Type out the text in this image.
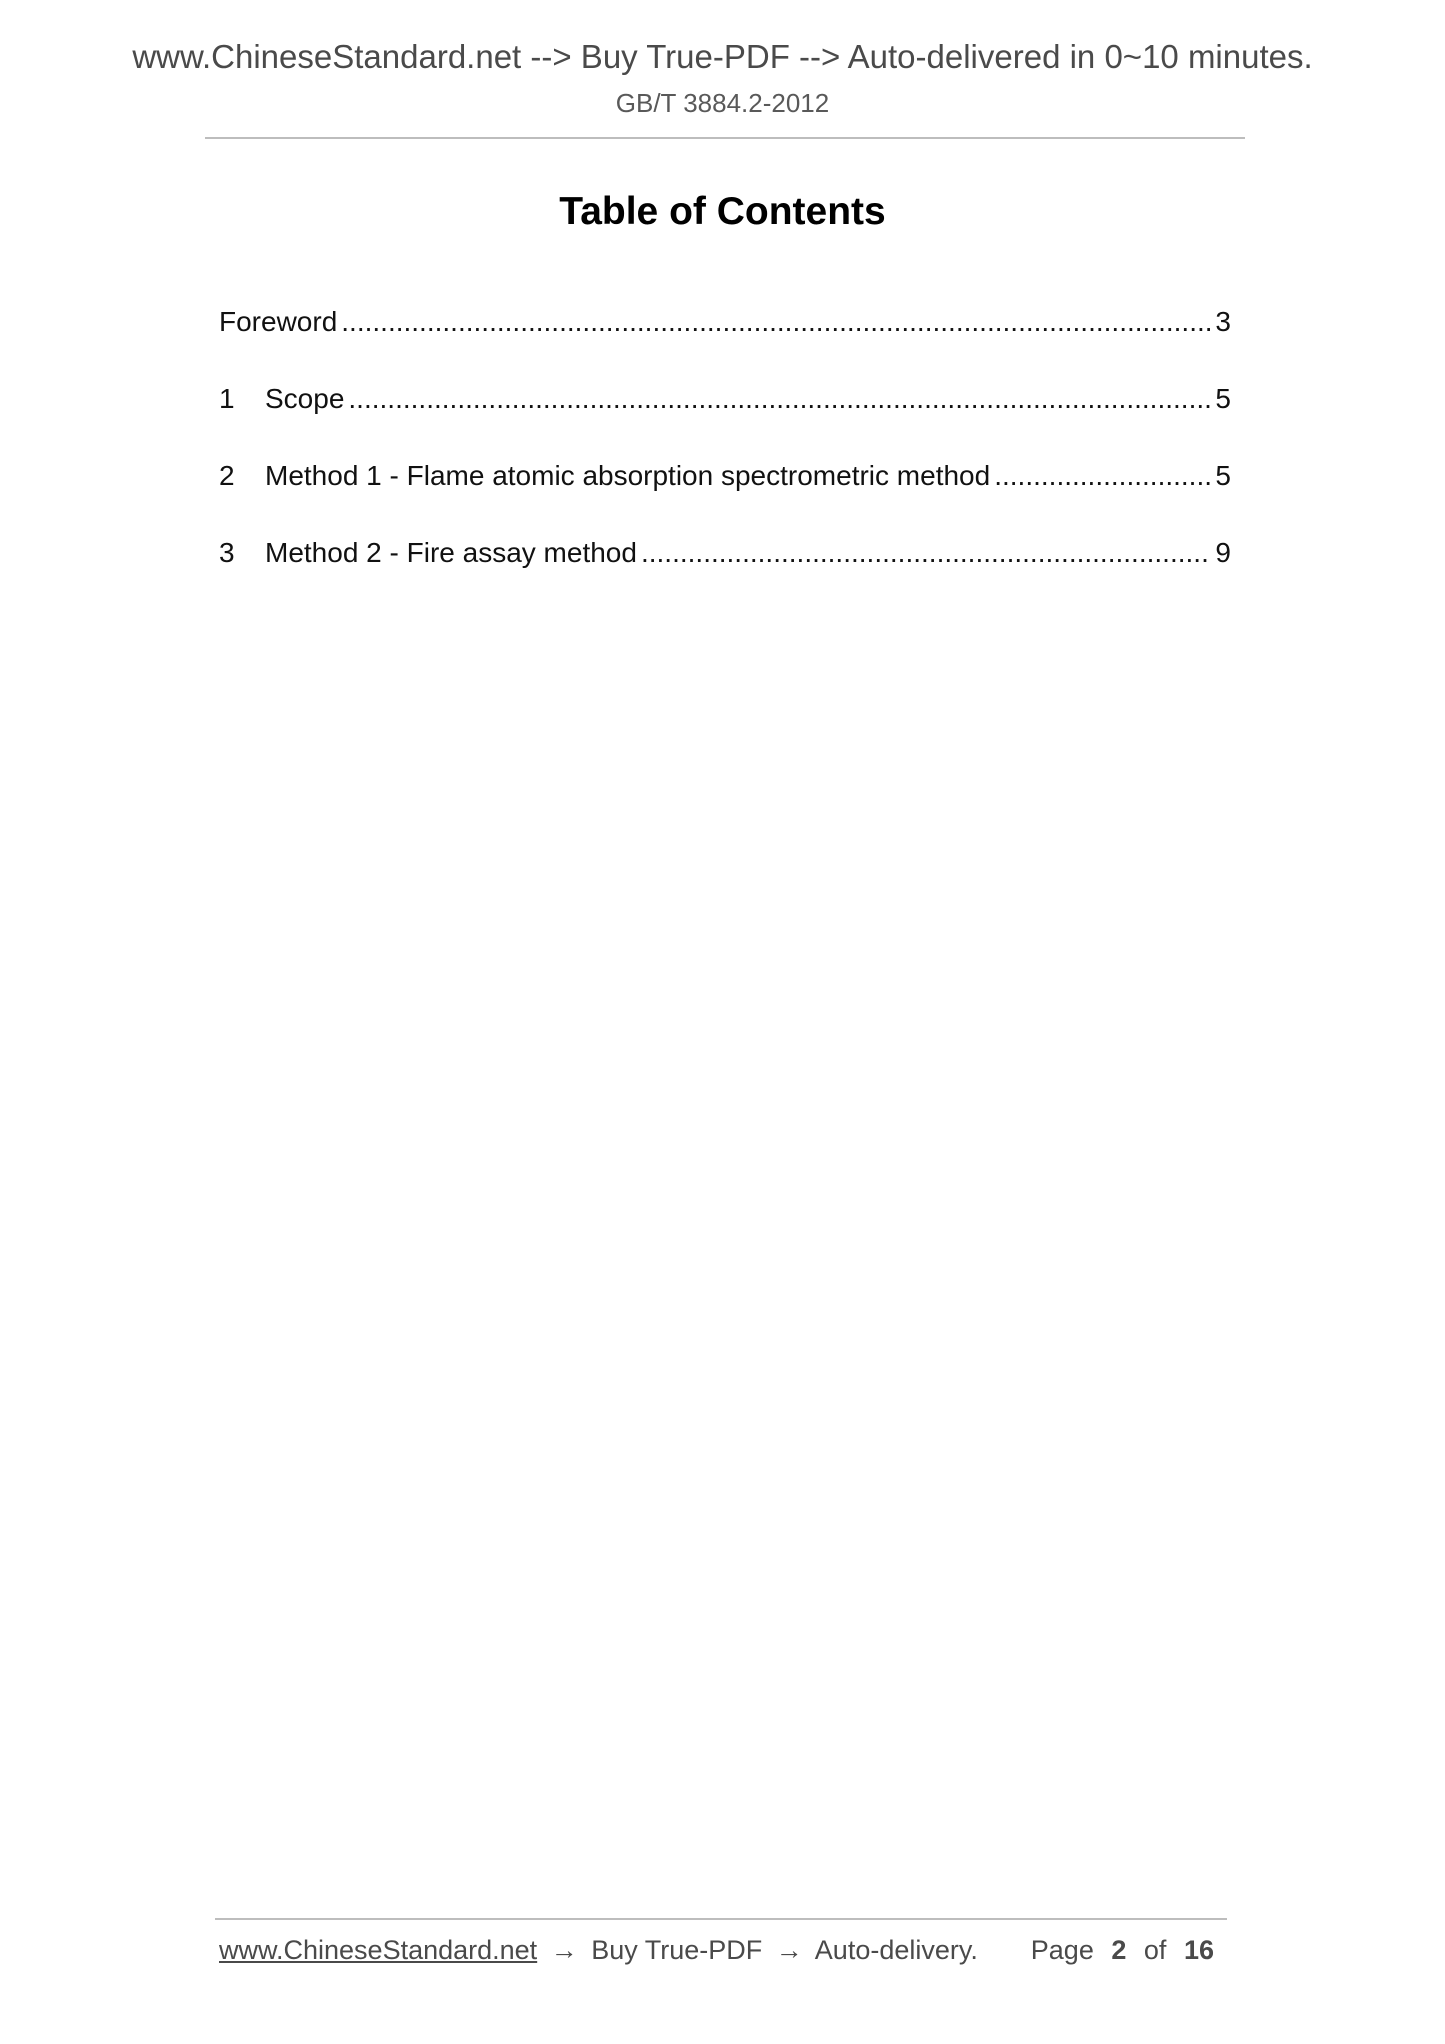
www.ChineseStandard.net --> Buy True-PDF --> Auto-delivered in 0~10 minutes.
GB/T 3884.2-2012
Table of Contents
Foreword .....	3
1	Scope .....	5
2	Method 1 - Flame atomic absorption spectrometric method .....	5
3	Method 2 - Fire assay method .....	9
www.ChineseStandard.net → Buy True-PDF → Auto-delivery. Page 2 of 16
